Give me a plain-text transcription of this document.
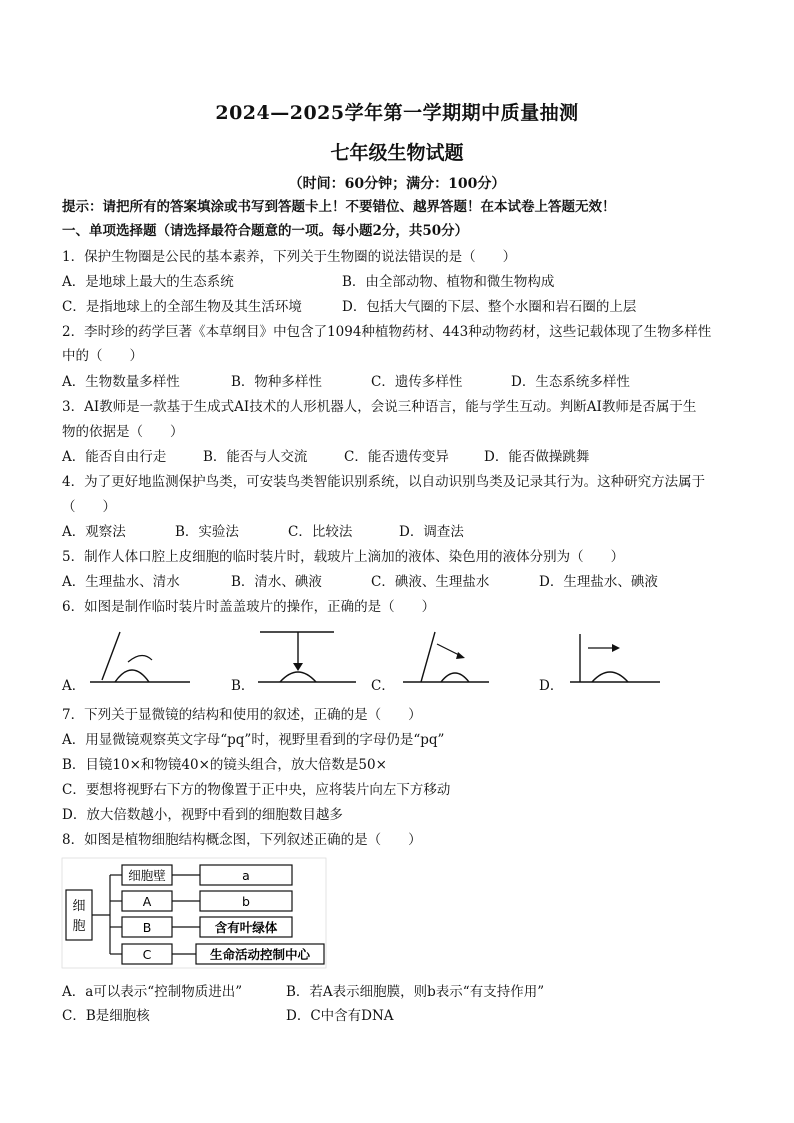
2024—2025学年第一学期期中质量抽测
七年级生物试题
（时间：60分钟；满分：100分）
提示：请把所有的答案填涂或书写到答题卡上！不要错位、越界答题！在本试卷上答题无效！
一、单项选择题（请选择最符合题意的一项。每小题2分，共50分）
1．保护生物圈是公民的基本素养，下列关于生物圈的说法错误的是（　　）
A．是地球上最大的生态系统	B．由全部动物、植物和微生物构成
C．是指地球上的全部生物及其生活环境	D．包括大气圈的下层、整个水圈和岩石圈的上层
2．李时珍的药学巨著《本草纲目》中包含了1094种植物药材、443种动物药材，这些记载体现了生物多样性
中的（　　）
A．生物数量多样性	B．物种多样性	C．遗传多样性	D．生态系统多样性
3．AI教师是一款基于生成式AI技术的人形机器人，会说三种语言，能与学生互动。判断AI教师是否属于生
物的依据是（　　）
A．能否自由行走	B．能否与人交流	C．能否遗传变异	D．能否做操跳舞
4．为了更好地监测保护鸟类，可安装鸟类智能识别系统，以自动识别鸟类及记录其行为。这种研究方法属于
（　　）
A．观察法	B．实验法	C．比较法	D．调查法
5．制作人体口腔上皮细胞的临时装片时，载玻片上滴加的液体、染色用的液体分别为（　　）
A．生理盐水、清水	B．清水、碘液	C．碘液、生理盐水	D．生理盐水、碘液
6．如图是制作临时装片时盖盖玻片的操作，正确的是（　　）
A．	B．	C．	D．
7．下列关于显微镜的结构和使用的叙述，正确的是（　　）
A．用显微镜观察英文字母“pq”时，视野里看到的字母仍是“pq”
B．目镜10×和物镜40×的镜头组合，放大倍数是50×
C．要想将视野右下方的物像置于正中央，应将装片向左下方移动
D．放大倍数越小，视野中看到的细胞数目越多
8．如图是植物细胞结构概念图，下列叙述正确的是（　　）
细
胞
细胞壁
A
B
C
a
b
含有叶绿体
生命活动控制中心
A．a可以表示“控制物质进出”	B．若A表示细胞膜，则b表示“有支持作用”
C．B是细胞核	D．C中含有DNA
